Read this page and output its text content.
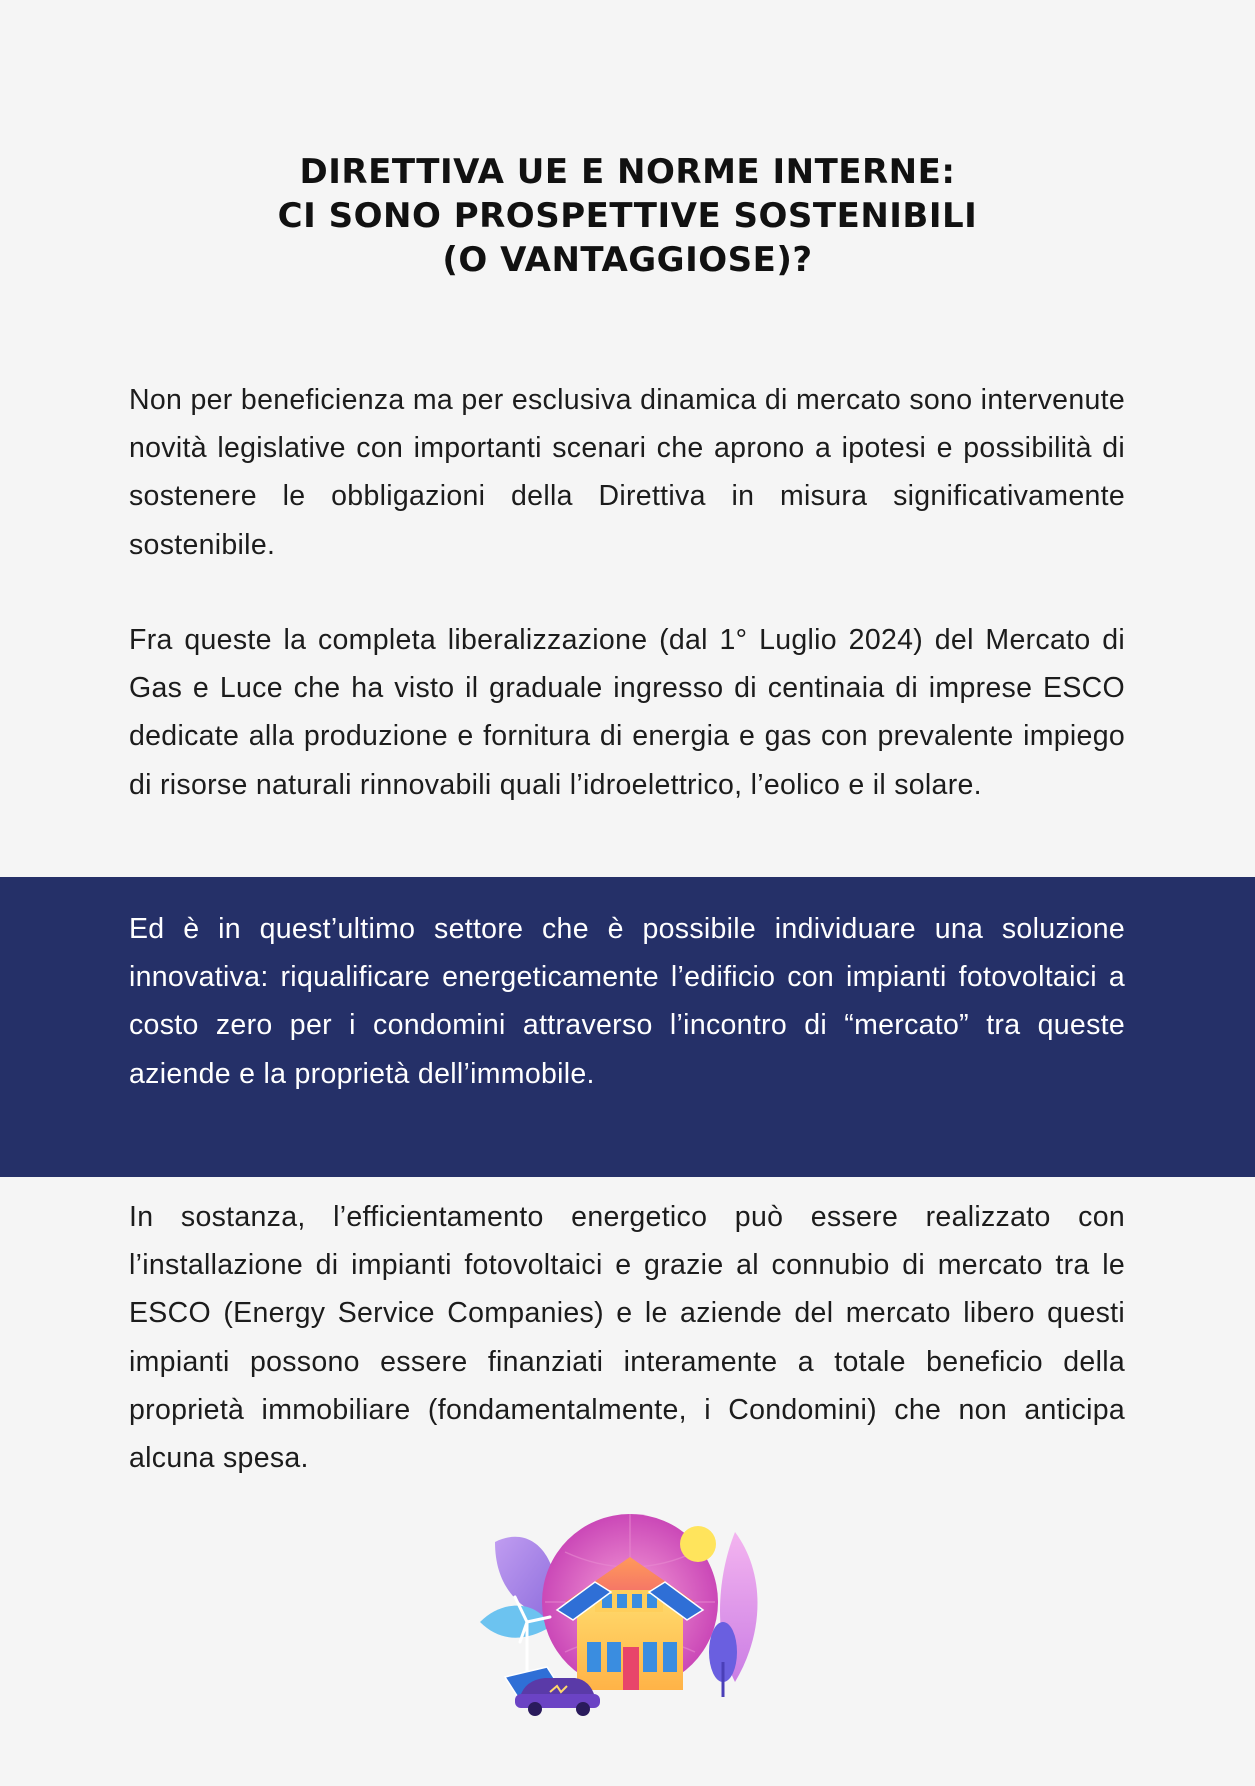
DIRETTIVA UE E NORME INTERNE:
CI SONO PROSPETTIVE SOSTENIBILI
(O VANTAGGIOSE)?
Non per beneficienza ma per esclusiva dinamica di mercato sono intervenute novità legislative con importanti scenari che aprono a ipotesi e possibilità di sostenere le obbligazioni della Direttiva in misura significativamente sostenibile.
Fra queste la completa liberalizzazione (dal 1° Luglio 2024) del Mercato di Gas e Luce che ha visto il graduale ingresso di centinaia di imprese ESCO dedicate alla produzione e fornitura di energia e gas con prevalente impiego di risorse naturali rinnovabili quali l’idroelettrico, l’eolico e il solare.
Ed è in quest’ultimo settore che è possibile individuare una soluzione innovativa: riqualificare energeticamente l’edificio con impianti fotovoltaici a costo zero per i condomini attraverso l’incontro di “mercato” tra queste aziende e la proprietà dell’immobile.
In sostanza, l’efficientamento energetico può essere realizzato con l’installazione di impianti fotovoltaici e grazie al connubio di mercato tra le ESCO (Energy Service Companies) e le aziende del mercato libero questi impianti possono essere finanziati interamente a totale beneficio della proprietà immobiliare (fondamentalmente, i Condomini) che non anticipa alcuna spesa.
